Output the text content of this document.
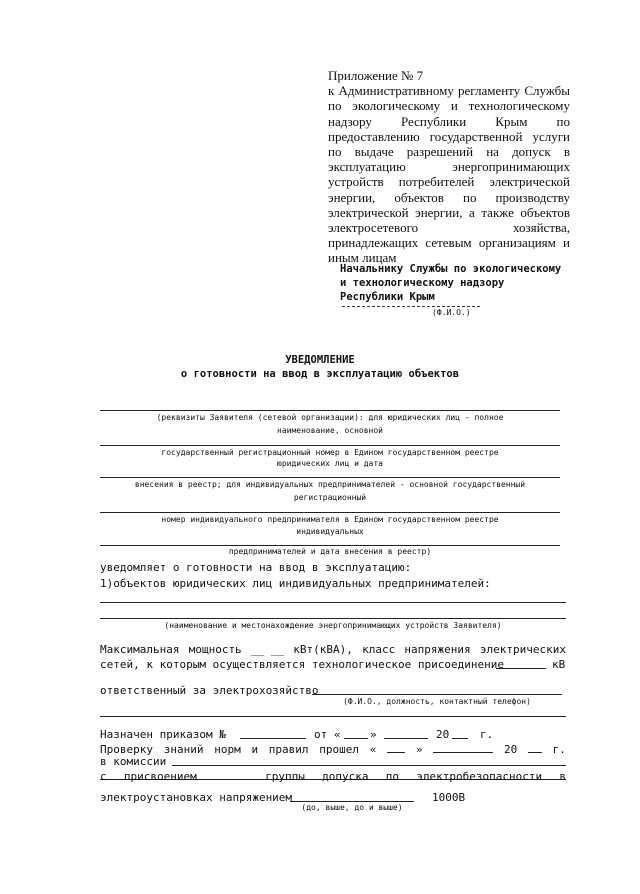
Приложение № 7
к Административному регламенту Службы по экологическому и технологическому надзору Республики Крым по предоставлению государственной услуги по выдаче разрешений на допуск в эксплуатацию энергопринимающих устройств потребителей электрической энергии, объектов по производству электрической энергии, а также объектов электросетевого хозяйства, принадлежащих сетевым организациям и иным лицам
Начальнику Службы по экологическому
и технологическому надзору
Республики Крым
(Ф.И.О.)
УВЕДОМЛЕНИЕ
о готовности на ввод в эксплуатацию объектов
(реквизиты Заявителя (сетевой организации): для юридических лиц - полное
наименование, основной
государственный регистрационный номер в Едином государственном реестре
юридических лиц и дата
внесения в реестр; для индивидуальных предпринимателей - основной государственный
регистрационный
номер индивидуального предпринимателя в Едином государственном реестре
индивидуальных
предпринимателей и дата внесения в реестр)
уведомляет о готовности на ввод в эксплуатацию:
1)объектов юридических лиц индивидуальных предпринимателей:
(наименование и местонахождение энергопринимающих устройств Заявителя)
Максимальная мощность __ __ кВт(кВА), класс напряжения электрических
сетей, к которым осуществляется технологическое присоединение	кВ
ответственный за электрохозяйство
(Ф.И.О., должность, контактный телефон)
Назначен приказом №	от «	»	20	г.
Проверку знаний норм и правил прошел «	»	20	г.
в комиссии
с присвоением	группы допуска по электробезопасности в
электроустановках напряжением	1000В
(до, выше, до и выше)
